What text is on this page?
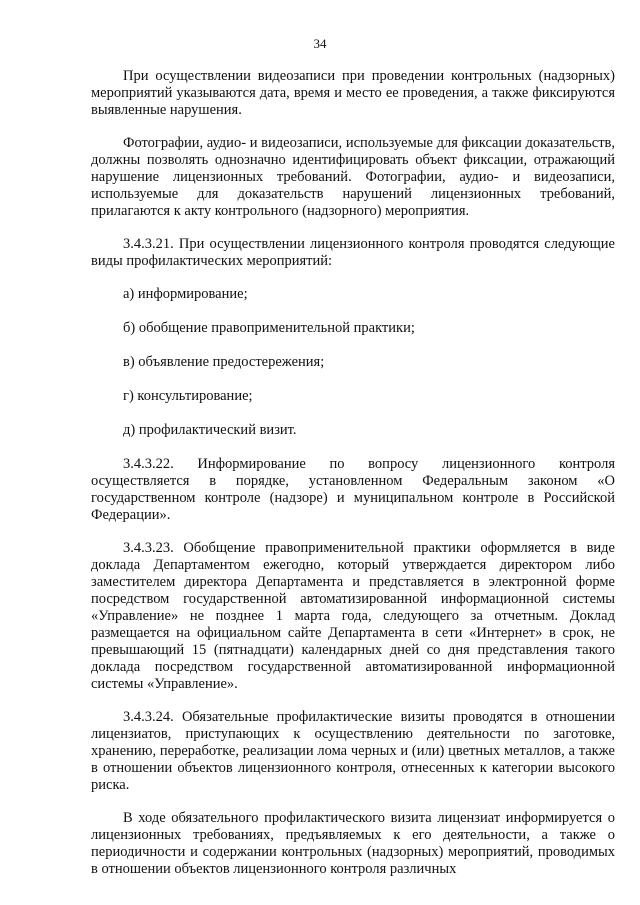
34

При осуществлении видеозаписи при проведении контрольных (надзорных) мероприятий указываются дата, время и место ее проведения, а также фиксируются выявленные нарушения.

Фотографии, аудио- и видеозаписи, используемые для фиксации доказательств, должны позволять однозначно идентифицировать объект фиксации, отражающий нарушение лицензионных требований. Фотографии, аудио- и видеозаписи, используемые для доказательств нарушений лицензионных требований, прилагаются к акту контрольного (надзорного) мероприятия.

3.4.3.21. При осуществлении лицензионного контроля проводятся следующие виды профилактических мероприятий:

а) информирование;

б) обобщение правоприменительной практики;

в) объявление предостережения;

г) консультирование;

д) профилактический визит.

3.4.3.22. Информирование по вопросу лицензионного контроля осуществляется в порядке, установленном Федеральным законом «О государственном контроле (надзоре) и муниципальном контроле в Российской Федерации».

3.4.3.23. Обобщение правоприменительной практики оформляется в виде доклада Департаментом ежегодно, который утверждается директором либо заместителем директора Департамента и представляется в электронной форме посредством государственной автоматизированной информационной системы «Управление» не позднее 1 марта года, следующего за отчетным. Доклад размещается на официальном сайте Департамента в сети «Интернет» в срок, не превышающий 15 (пятнадцати) календарных дней со дня представления такого доклада посредством государственной автоматизированной информационной системы «Управление».

3.4.3.24. Обязательные профилактические визиты проводятся в отношении лицензиатов, приступающих к осуществлению деятельности по заготовке, хранению, переработке, реализации лома черных и (или) цветных металлов, а также в отношении объектов лицензионного контроля, отнесенных к категории высокого риска.

В ходе обязательного профилактического визита лицензиат информируется о лицензионных требованиях, предъявляемых к его деятельности, а также о периодичности и содержании контрольных (надзорных) мероприятий, проводимых в отношении объектов лицензионного контроля различных
